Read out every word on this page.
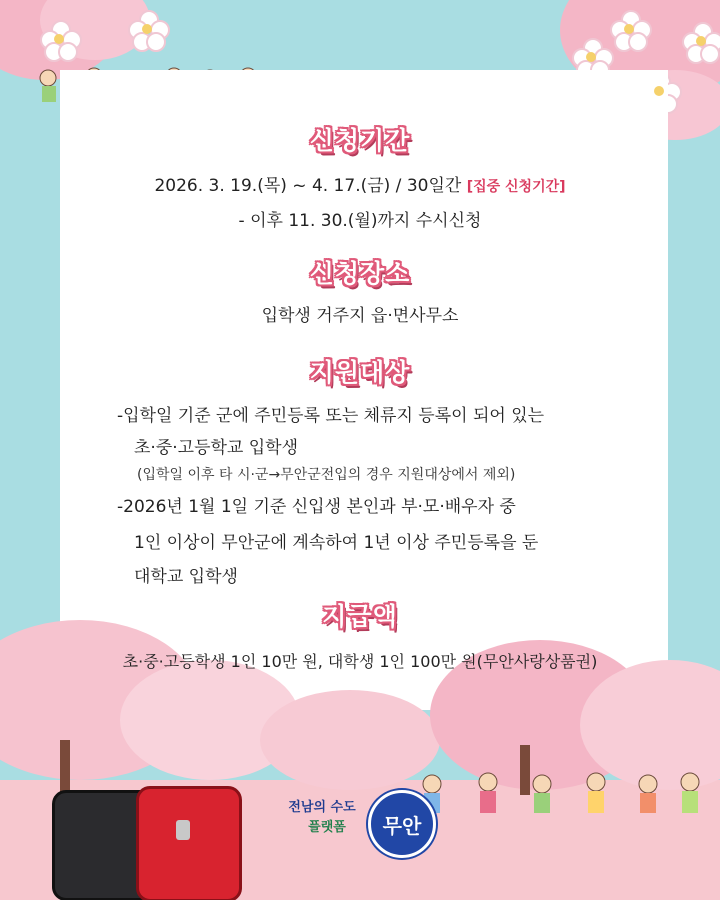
전남의 수도
플랫폼	무안
신청기간
2026. 3. 19.(목) ~ 4. 17.(금) / 30일간 [집중 신청기간]
- 이후 11. 30.(월)까지 수시신청
신청장소
입학생 거주지 읍·면사무소
지원대상
-입학일 기준 군에 주민등록 또는 체류지 등록이 되어 있는
초·중·고등학교 입학생
(입학일 이후 타 시·군→무안군전입의 경우 지원대상에서 제외)
-2026년 1월 1일 기준 신입생 본인과 부·모·배우자 중
1인 이상이 무안군에 계속하여 1년 이상 주민등록을 둔
대학교 입학생
지급액
초·중·고등학생 1인 10만 원, 대학생 1인 100만 원(무안사랑상품권)
